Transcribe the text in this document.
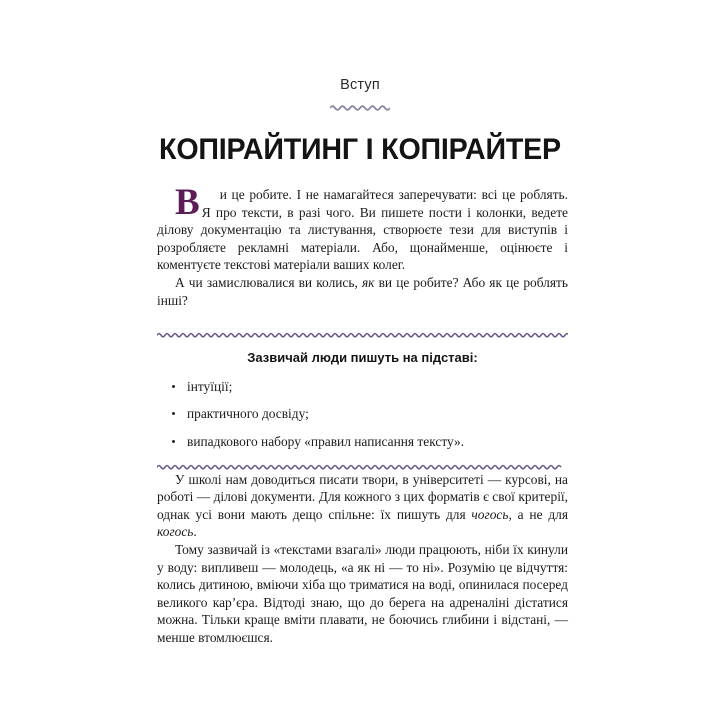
Вступ
КОПІРАЙТИНГ І КОПІРАЙТЕР

В и це робите. І не намагайтеся заперечувати: всі це роблять. Я про тексти, в разі чого. Ви пишете пости і колонки, ведете ділову документацію та листування, створюєте тези для виступів і розробляєте рекламні матеріали. Або, щонайменше, оцінюєте і коментуєте текстові матеріали ваших колег.

А чи замислювалися ви колись, як ви це робите? Або як це роблять інші?

Зазвичай люди пишуть на підставі:
інтуїції;
практичного досвіду;
випадкового набору «правил написання тексту».

У школі нам доводиться писати твори, в університеті — курсові, на роботі — ділові документи. Для кожного з цих форматів є свої критерії, однак усі вони мають дещо спільне: їх пишуть для чогось, а не для когось.

Тому зазвичай із «текстами взагалі» люди працюють, ніби їх кинули у воду: випливеш — молодець, «а як ні — то ні». Розумію це відчуття: колись дитиною, вміючи хіба що триматися на воді, опинилася посеред великого кар’єра. Відтоді знаю, що до берега на адреналіні дістатися можна. Тільки краще вміти плавати, не боючись глибини і відстані, — менше втомлюєшся.
